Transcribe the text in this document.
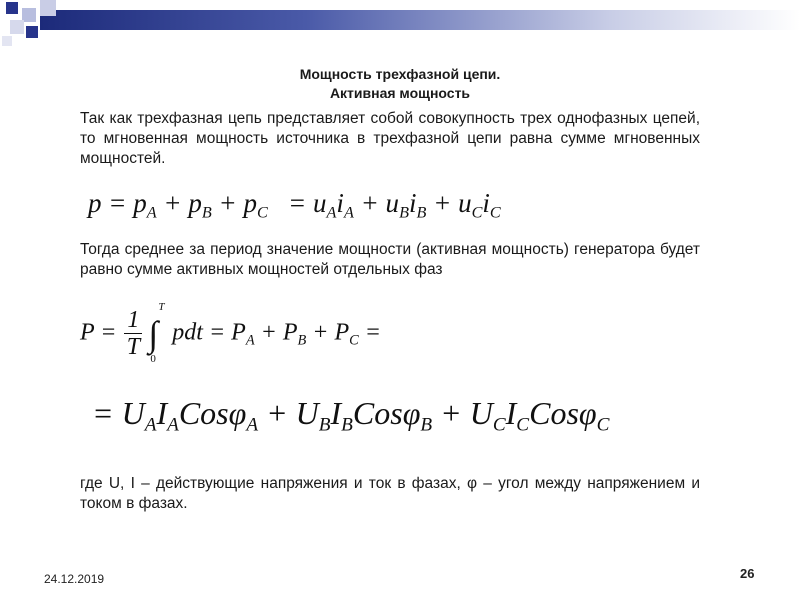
Мощность трехфазной цепи.
Активная мощность
Так как трехфазная цепь представляет собой совокупность трех однофазных цепей, то мгновенная мощность источника в трехфазной цепи равна сумме мгновенных мощностей.
$p = p_A + p_B + p_C = u_Ai_A + u_Bi_B + u_Ci_C$
Тогда среднее за период значение мощности (активная мощность) генератора будет равно сумме активных мощностей отдельных фаз
$P = \frac{1}{T}$ ∫
T
0
pdt = $P_A + P_B + P_C$ =
= $U_AI_ACos\varphi_A + U_BI_BCos\varphi_B + U_CI_CCos\varphi_C$
где U, I – действующие напряжения и ток в фазах, φ – угол между напряжением и током в фазах.
24.12.2019	26
